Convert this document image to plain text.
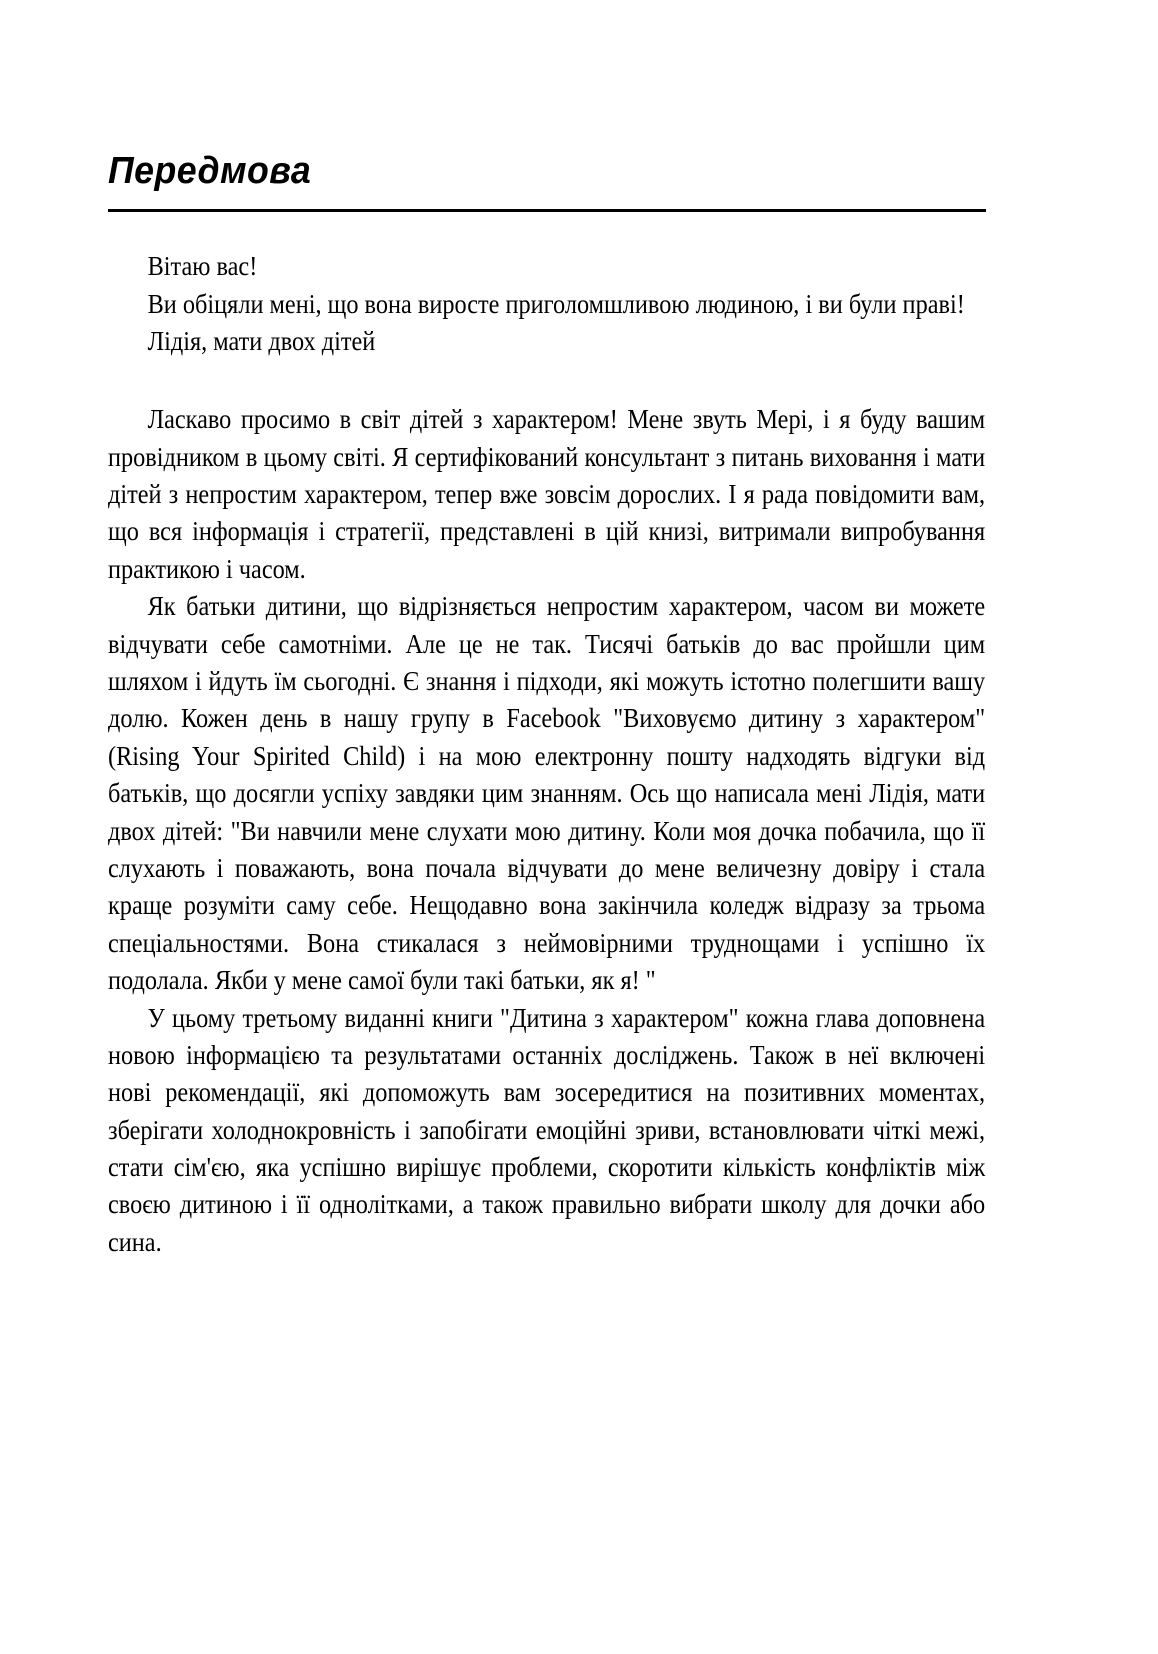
Передмова

Вітаю вас!

Ви обіцяли мені, що вона виросте приголомшливою людиною, і ви були праві!

Лідія, мати двох дітей

Ласкаво просимо в світ дітей з характером! Мене звуть Мері, і я буду вашим провідником в цьому світі. Я сертифікований консультант з питань виховання і мати дітей з непростим характером, тепер вже зовсім дорослих. І я рада повідомити вам, що вся інформація і стратегії, представлені в цій книзі, витримали випробування практикою і часом.

Як батьки дитини, що відрізняється непростим характером, часом ви можете відчувати себе самотніми. Але це не так. Тисячі батьків до вас пройшли цим шляхом і йдуть їм сьогодні. Є знання і підходи, які можуть істотно полегшити вашу долю. Кожен день в нашу групу в Facebook "Виховуємо дитину з характером" (Rising Your Spirited Child) і на мою електронну пошту надходять відгуки від батьків, що досягли успіху завдяки цим знанням. Ось що написала мені Лідія, мати двох дітей: "Ви навчили мене слухати мою дитину. Коли моя дочка побачила, що її слухають і поважають, вона почала відчувати до мене величезну довіру і стала краще розуміти саму себе. Нещодавно вона закінчила коледж відразу за трьома спеціальностями. Вона стикалася з неймовірними труднощами і успішно їх подолала. Якби у мене самої були такі батьки, як я! "

У цьому третьому виданні книги "Дитина з характером" кожна глава доповнена новою інформацією та результатами останніх досліджень. Також в неї включені нові рекомендації, які допоможуть вам зосередитися на позитивних моментах, зберігати холоднокровність і запобігати емоційні зриви, встановлювати чіткі межі, стати сім'єю, яка успішно вирішує проблеми, скоротити кількість конфліктів між своєю дитиною і її однолітками, а також правильно вибрати школу для дочки або сина.
